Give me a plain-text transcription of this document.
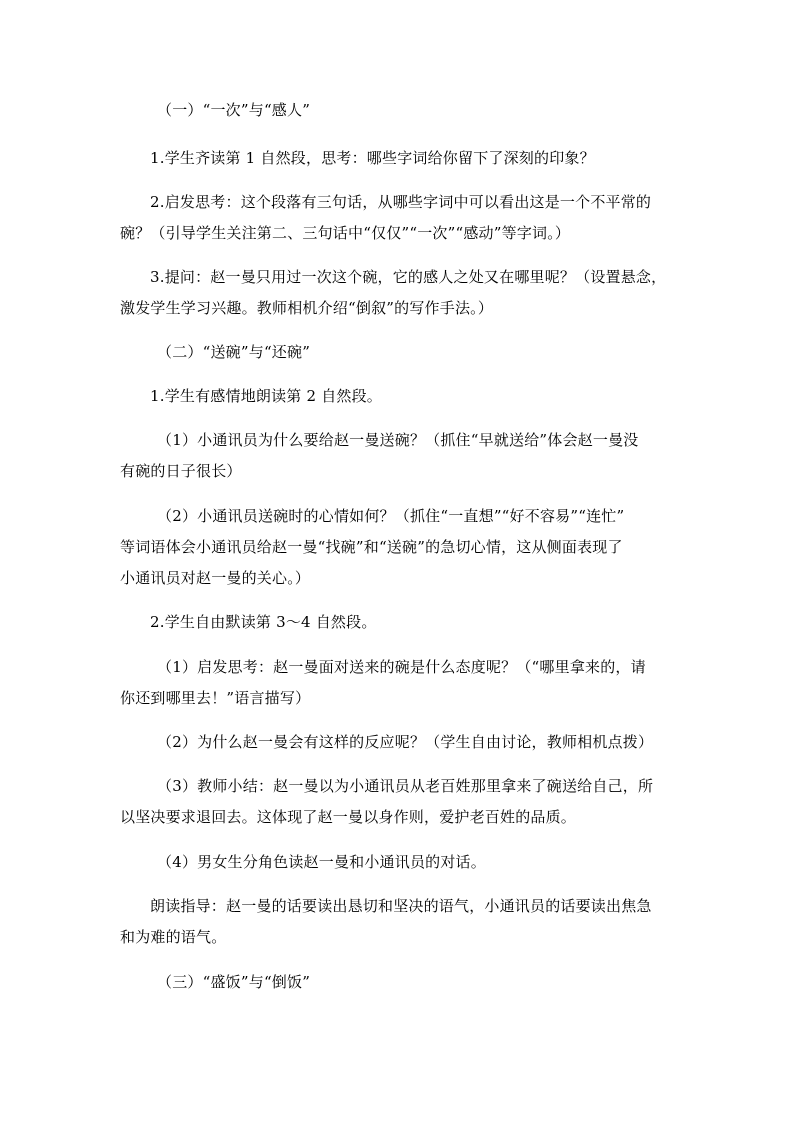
（一）“一次”与“感人”
1.学生齐读第 1 自然段，思考：哪些字词给你留下了深刻的印象？
2.启发思考：这个段落有三句话，从哪些字词中可以看出这是一个不平常的
碗？（引导学生关注第二、三句话中“仅仅”“一次”“感动”等字词。）
3.提问：赵一曼只用过一次这个碗，它的感人之处又在哪里呢？（设置悬念，
激发学生学习兴趣。教师相机介绍“倒叙”的写作手法。）
（二）“送碗”与“还碗”
1.学生有感情地朗读第 2 自然段。
（1）小通讯员为什么要给赵一曼送碗？（抓住“早就送给”体会赵一曼没
有碗的日子很长）
（2）小通讯员送碗时的心情如何？（抓住“一直想”“好不容易”“连忙”
等词语体会小通讯员给赵一曼“找碗”和“送碗”的急切心情，这从侧面表现了
小通讯员对赵一曼的关心。）
2.学生自由默读第 3～4 自然段。
（1）启发思考：赵一曼面对送来的碗是什么态度呢？（“哪里拿来的，请
你还到哪里去！”语言描写）
（2）为什么赵一曼会有这样的反应呢？（学生自由讨论，教师相机点拨）
（3）教师小结：赵一曼以为小通讯员从老百姓那里拿来了碗送给自己，所
以坚决要求退回去。这体现了赵一曼以身作则，爱护老百姓的品质。
（4）男女生分角色读赵一曼和小通讯员的对话。
朗读指导：赵一曼的话要读出恳切和坚决的语气，小通讯员的话要读出焦急
和为难的语气。
（三）“盛饭”与“倒饭”
